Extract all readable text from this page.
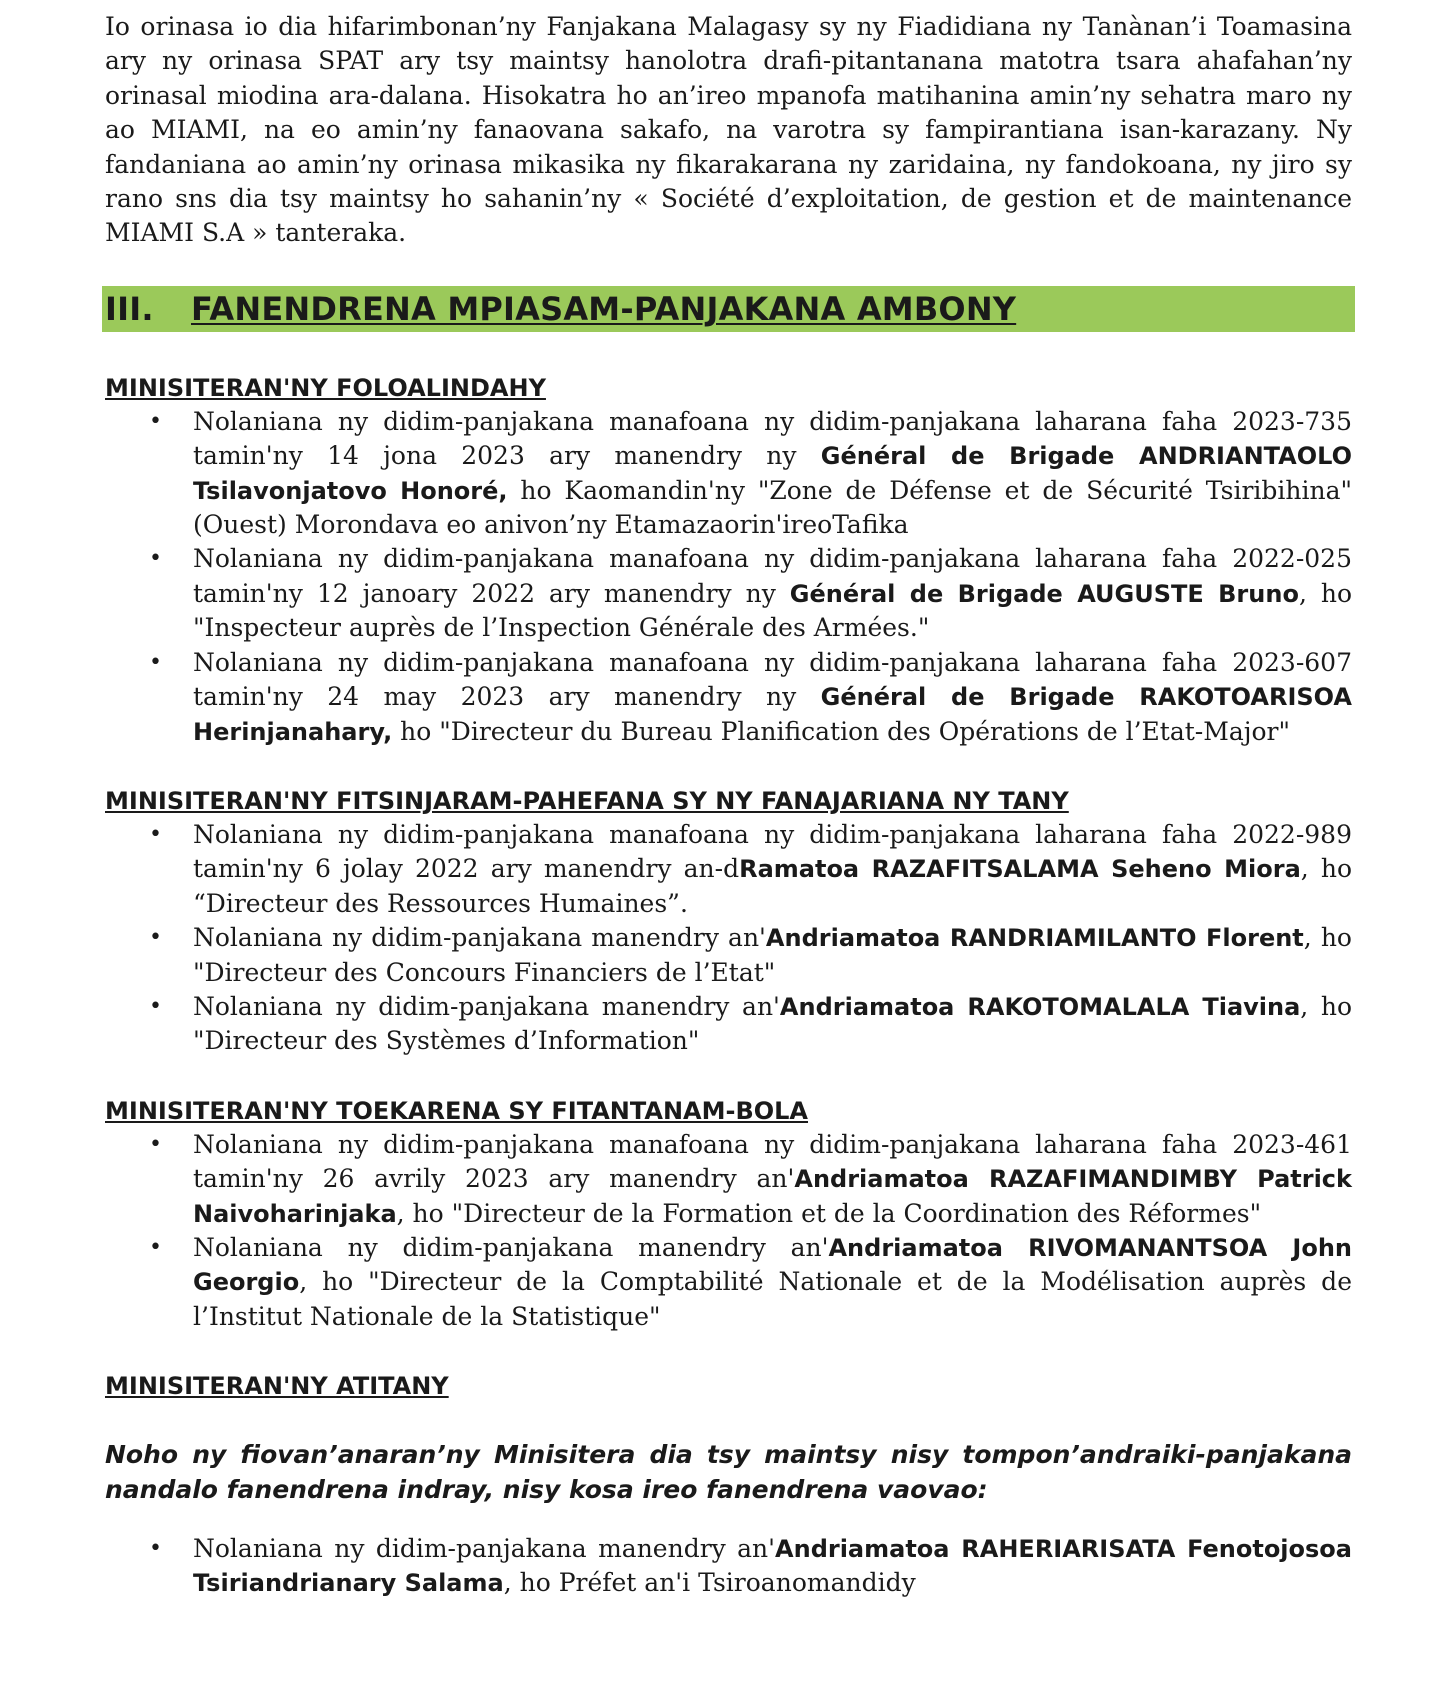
Io orinasa io dia hifarimbonan’ny Fanjakana Malagasy sy ny Fiadidiana ny Tanànan’i Toamasina ary ny orinasa SPAT ary tsy maintsy hanolotra drafi-pitantanana matotra tsara ahafahan’ny orinasal miodina ara-dalana. Hisokatra ho an’ireo mpanofa matihanina amin’ny sehatra maro ny ao MIAMI, na eo amin’ny fanaovana sakafo, na varotra sy fampirantiana isan-karazany. Ny fandaniana ao amin’ny orinasa mikasika ny fikarakarana ny zaridaina, ny fandokoana, ny jiro sy rano sns dia tsy maintsy ho sahanin’ny « Société d’exploitation, de gestion et de maintenance MIAMI S.A » tanteraka.

III.	FANENDRENA MPIASAM-PANJAKANA AMBONY

MINISITERAN'NY FOLOALINDAHY

• Nolaniana ny didim-panjakana manafoana ny didim-panjakana laharana faha 2023-735 tamin'ny 14 jona 2023 ary manendry ny Général de Brigade ANDRIANTAOLO Tsilavonjatovo Honoré, ho Kaomandin'ny "Zone de Défense et de Sécurité Tsiribihina"(Ouest) Morondava eo anivon’ny Etamazaorin'ireoTafika
• Nolaniana ny didim-panjakana manafoana ny didim-panjakana laharana faha 2022-025 tamin'ny 12 janoary 2022 ary manendry ny Général de Brigade AUGUSTE Bruno, ho "Inspecteur auprès de l’Inspection Générale des Armées."
• Nolaniana ny didim-panjakana manafoana ny didim-panjakana laharana faha 2023-607 tamin'ny 24 may 2023 ary manendry ny Général de Brigade RAKOTOARISOA Herinjanahary, ho "Directeur du Bureau Planification des Opérations de l’Etat-Major"

MINISITERAN'NY FITSINJARAM-PAHEFANA SY NY FANAJARIANA NY TANY

• Nolaniana ny didim-panjakana manafoana ny didim-panjakana laharana faha 2022-989 tamin'ny 6 jolay 2022 ary manendry an-dRamatoa RAZAFITSALAMA Seheno Miora, ho “Directeur des Ressources Humaines”.
• Nolaniana ny didim-panjakana manendry an'Andriamatoa RANDRIAMILANTO Florent, ho "Directeur des Concours Financiers de l’Etat"
• Nolaniana ny didim-panjakana manendry an'Andriamatoa RAKOTOMALALA Tiavina, ho "Directeur des Systèmes d’Information"

MINISITERAN'NY TOEKARENA SY FITANTANAM-BOLA

• Nolaniana ny didim-panjakana manafoana ny didim-panjakana laharana faha 2023-461 tamin'ny 26 avrily 2023 ary manendry an'Andriamatoa RAZAFIMANDIMBY Patrick Naivoharinjaka, ho "Directeur de la Formation et de la Coordination des Réformes"
• Nolaniana ny didim-panjakana manendry an'Andriamatoa RIVOMANANTSOA John Georgio, ho "Directeur de la Comptabilité Nationale et de la Modélisation auprès de l’Institut Nationale de la Statistique"

MINISITERAN'NY ATITANY

Noho ny fiovan’anaran’ny Minisitera dia tsy maintsy nisy tompon’andraiki-panjakana nandalo fanendrena indray, nisy kosa ireo fanendrena vaovao:

• Nolaniana ny didim-panjakana manendry an'Andriamatoa RAHERIARISATA Fenotojosoa Tsiriandrianary Salama, ho Préfet an'i Tsiroanomandidy
